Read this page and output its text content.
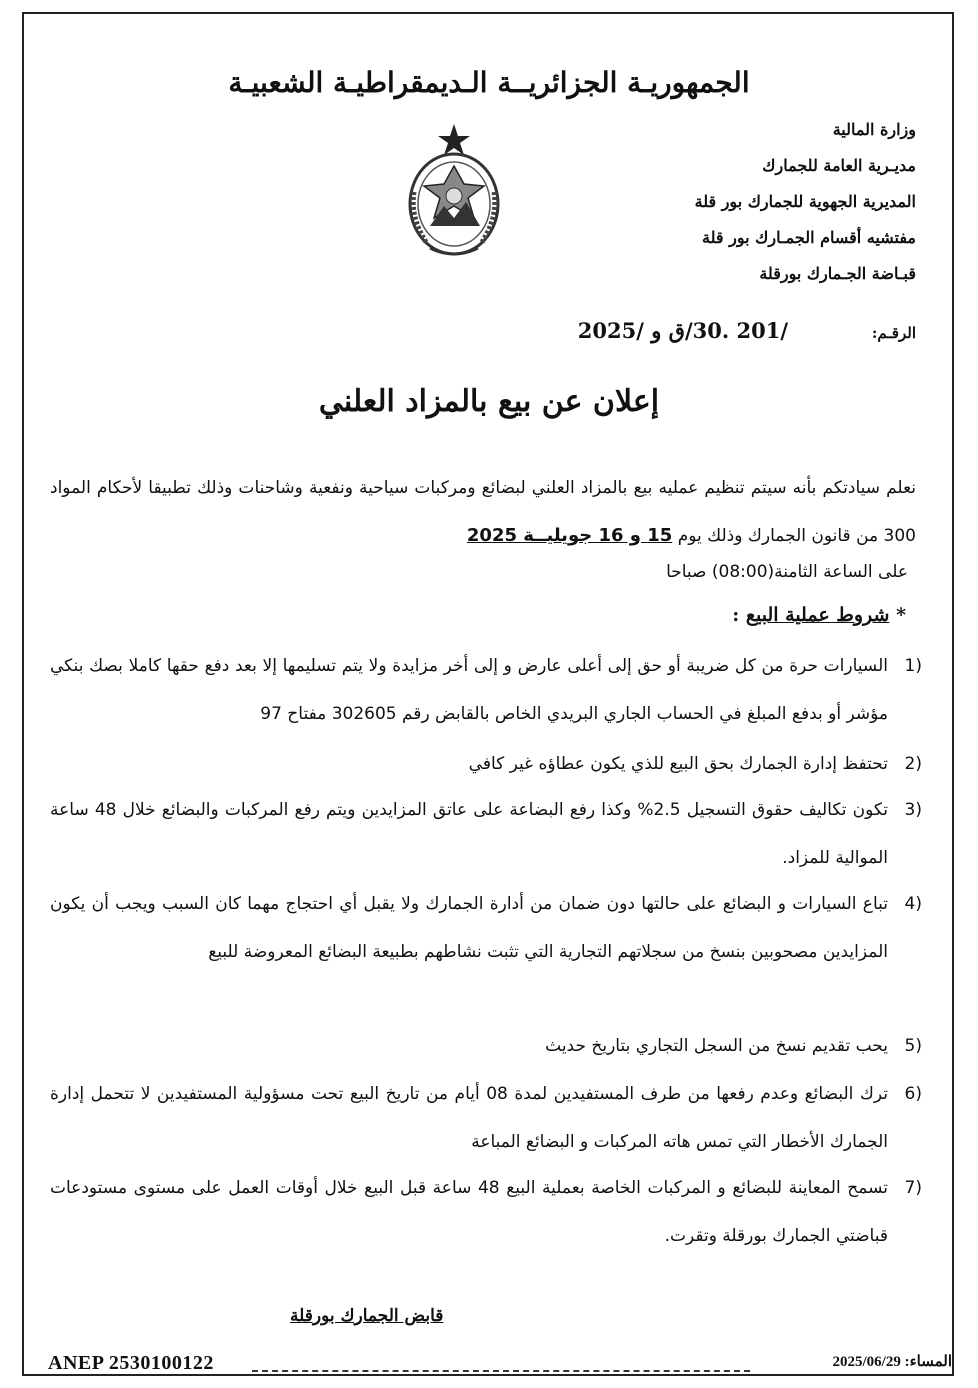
الجمهوريـة الجزائريــة الـديمقراطيـة الشعبيـة
وزارة المالية
مديـرية العامة للجمارك
المديرية الجهوية للجمارك بور قلة
مفتشيه أقسام الجمـارك بور قلة
قبـاضة الجـمارك بورقلة
الرقـم:
/201 .30/ق و /2025
إعلان عن بيع بالمزاد العلني
نعلم سيادتكم بأنه سيتم تنظيم عمليه بيع بالمزاد العلني لبضائع ومركبات سياحية ونفعية وشاحنات وذلك تطبيقا لأحكام المواد 300 من قانون الجمارك وذلك يوم 15 و 16 جويليــة 2025
على الساعة الثامنة(08:00) صباحا
* شروط عملية البيع :
(1
السيارات حرة من كل ضريبة أو حق إلى أعلى عارض و إلى أخر مزايدة ولا يتم تسليمها إلا بعد دفع حقها كاملا بصك بنكي مؤشر أو بدفع المبلغ في الحساب الجاري البريدي الخاص بالقابض رقم 302605 مفتاح 97
(2
تحتفظ إدارة الجمارك بحق البيع للذي يكون عطاؤه غير كافي
(3
تكون تكاليف حقوق التسجيل 2.5% وكذا رفع البضاعة على عاتق المزايدين ويتم رفع المركبات والبضائع خلال 48 ساعة الموالية للمزاد.
(4
تباع السيارات و البضائع على حالتها دون ضمان من أدارة الجمارك ولا يقبل أي احتجاج مهما كان السبب ويجب أن يكون المزايدين مصحوبين بنسخ من سجلاتهم التجارية التي تثبت نشاطهم بطبيعة البضائع المعروضة للبيع
(5
يحب تقديم نسخ من السجل التجاري بتاريخ حديث
(6
ترك البضائع وعدم رفعها من طرف المستفيدين لمدة 08 أيام من تاريخ البيع تحت مسؤولية المستفيدين لا تتحمل إدارة الجمارك الأخطار التي تمس هاته المركبات و البضائع المباعة
(7
تسمح المعاينة للبضائع و المركبات الخاصة بعملية البيع 48 ساعة قبل البيع خلال أوقات العمل على مستوى مستودعات قباضتي الجمارك بورقلة وتقرت.
قابض الجمارك بورقلة
ANEP 2530100122	المساء: 2025/06/29
